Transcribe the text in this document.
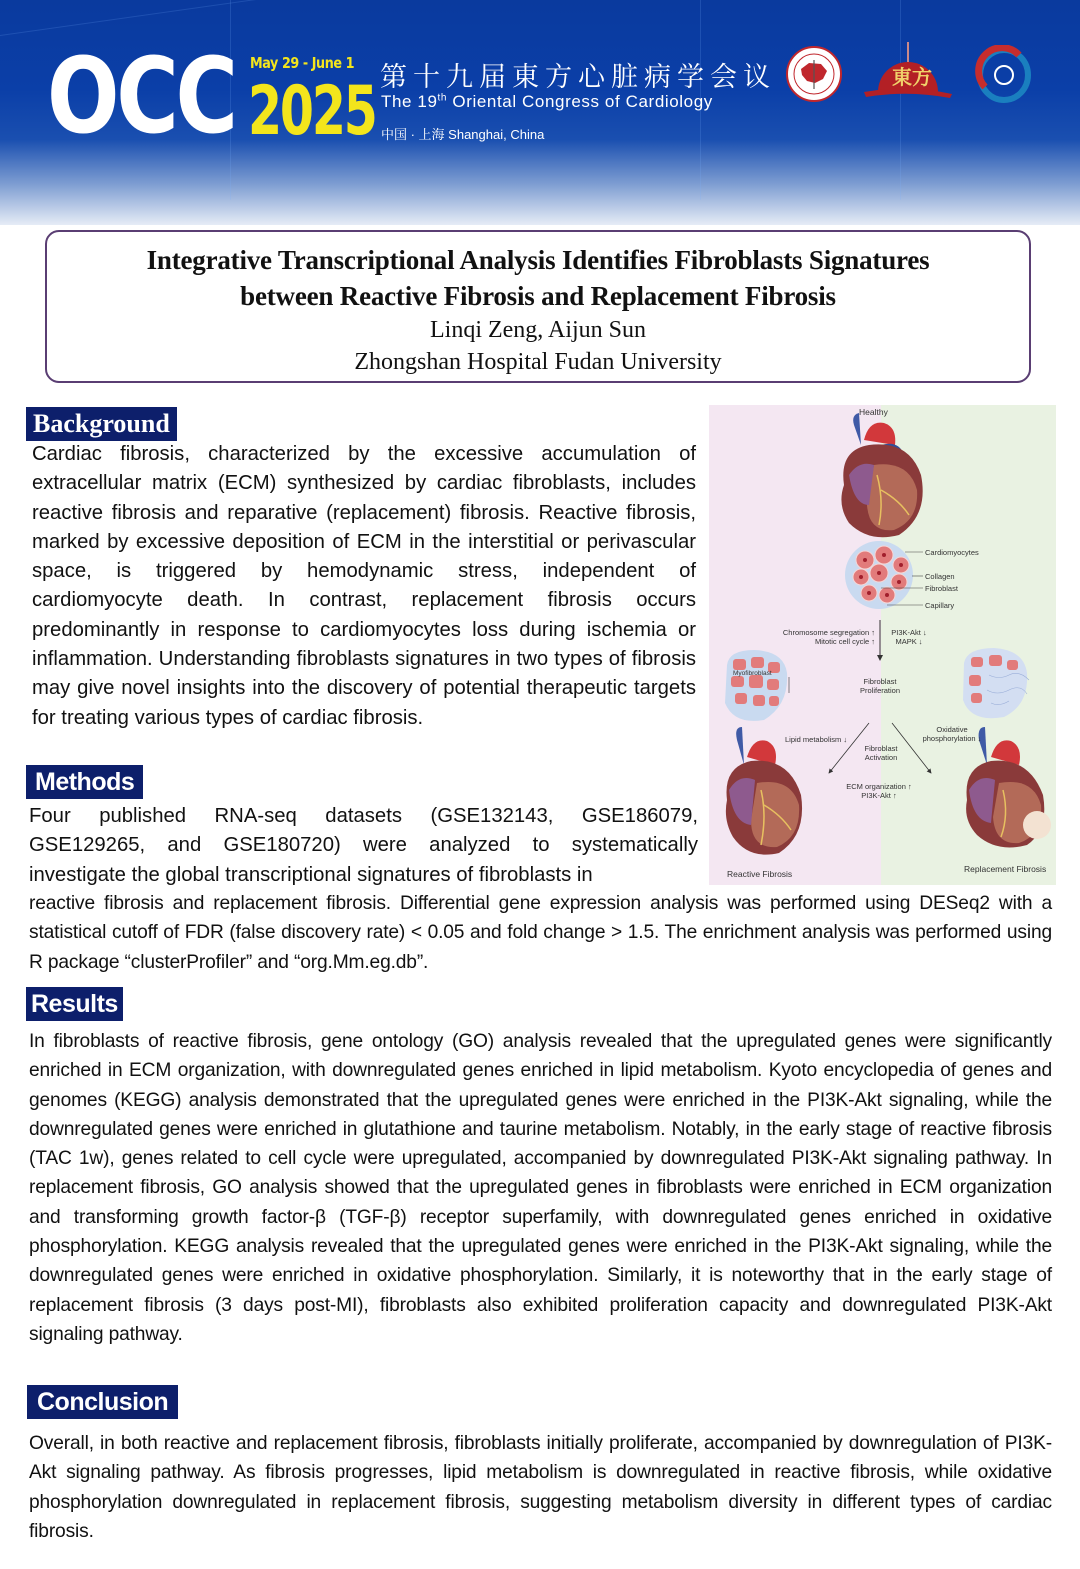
OCC May 29 - June 1
2025 第十九届東方心脏病学会议
The 19th Oriental Congress of Cardiology
中国 · 上海 Shanghai, China
東方
Integrative Transcriptional Analysis Identifies Fibroblasts Signatures
between Reactive Fibrosis and Replacement Fibrosis
Linqi Zeng, Aijun Sun
Zhongshan Hospital Fudan University
Background
Cardiac fibrosis, characterized by the excessive accumulation of extracellular matrix (ECM) synthesized by cardiac fibroblasts, includes reactive fibrosis and reparative (replacement) fibrosis. Reactive fibrosis, marked by excessive deposition of ECM in the interstitial or perivascular space, is triggered by hemodynamic stress, independent of cardiomyocyte death. In contrast, replacement fibrosis occurs predominantly in response to cardiomyocytes loss during ischemia or inflammation. Understanding fibroblasts signatures in two types of fibrosis may give novel insights into the discovery of potential therapeutic targets for treating various types of cardiac fibrosis.
Methods
Four published RNA-seq datasets (GSE132143, GSE186079, GSE129265, and GSE180720) were analyzed to systematically investigate the global transcriptional signatures of fibroblasts in
reactive fibrosis and replacement fibrosis. Differential gene expression analysis was performed using DESeq2 with a statistical cutoff of FDR (false discovery rate) < 0.05 and fold change > 1.5. The enrichment analysis was performed using R package “clusterProfiler” and “org.Mm.eg.db”.
Healthy
Cardiomyocytes
Collagen
Fibroblast
Capillary
Chromosome segregation ↑
Mitotic cell cycle ↑
PI3K-Akt ↓
MAPK ↓
Myofibroblast
Fibroblast
Proliferation
Lipid metabolism ↓
Oxidative
phosphorylation ↓
Fibroblast
Activation
ECM organization ↑
PI3K-Akt ↑
Reactive Fibrosis	Replacement Fibrosis
Results
In fibroblasts of reactive fibrosis, gene ontology (GO) analysis revealed that the upregulated genes were significantly enriched in ECM organization, with downregulated genes enriched in lipid metabolism. Kyoto encyclopedia of genes and genomes (KEGG) analysis demonstrated that the upregulated genes were enriched in the PI3K-Akt signaling, while the downregulated genes were enriched in glutathione and taurine metabolism. Notably, in the early stage of reactive fibrosis (TAC 1w), genes related to cell cycle were upregulated, accompanied by downregulated PI3K-Akt signaling pathway. In replacement fibrosis, GO analysis showed that the upregulated genes in fibroblasts were enriched in ECM organization and transforming growth factor-β (TGF-β) receptor superfamily, with downregulated genes enriched in oxidative phosphorylation. KEGG analysis revealed that the upregulated genes were enriched in the PI3K-Akt signaling, while the downregulated genes were enriched in oxidative phosphorylation. Similarly, it is noteworthy that in the early stage of replacement fibrosis (3 days post-MI), fibroblasts also exhibited proliferation capacity and downregulated PI3K-Akt signaling pathway.
Conclusion
Overall, in both reactive and replacement fibrosis, fibroblasts initially proliferate, accompanied by downregulation of PI3K-Akt signaling pathway. As fibrosis progresses, lipid metabolism is downregulated in reactive fibrosis, while oxidative phosphorylation downregulated in replacement fibrosis, suggesting metabolism diversity in different types of cardiac fibrosis.
